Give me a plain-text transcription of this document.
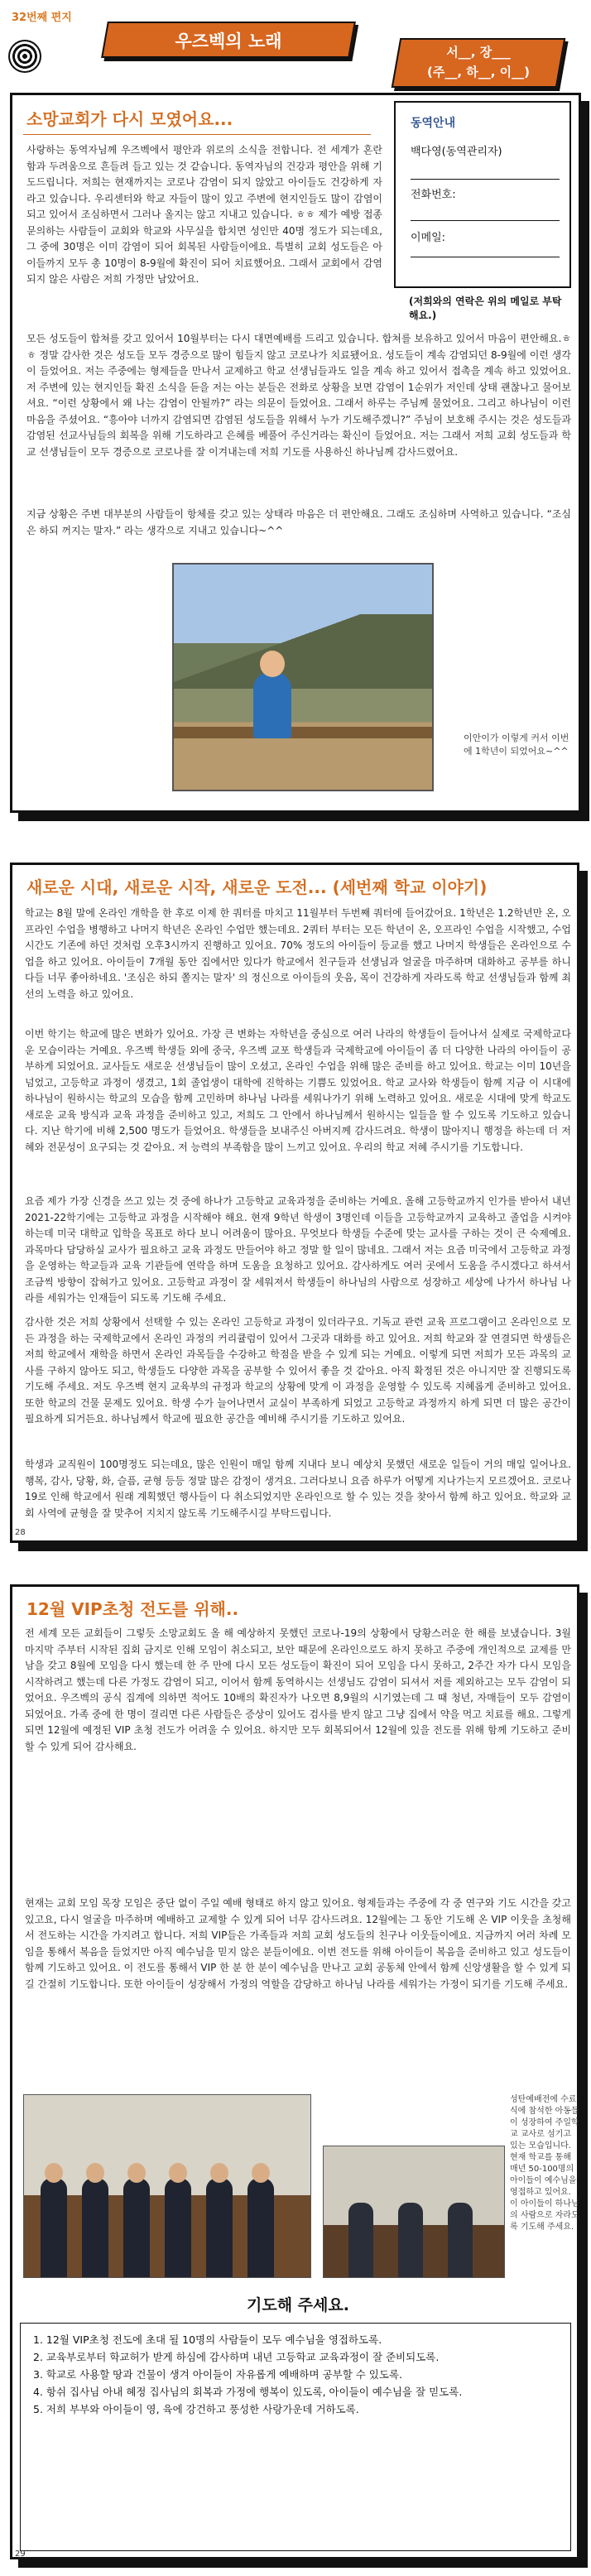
32번째 편지
우즈벡의 노래
서__, 장___
(주__, 하__, 이__)
소망교회가 다시 모였어요...
사랑하는 동역자님께 우즈벡에서 평안과 위로의 소식을 전합니다. 전 세계가 혼란함과 두려움으로 흔들려 들고 있는 것 같습니다. 동역자님의 건강과 평안을 위해 기도드립니다. 저희는 현재까지는 코로나 감염이 되지 않았고 아이들도 건강하게 자라고 있습니다. 우리센터와 학교 자들이 많이 있고 주변에 현지인들도 많이 감염이 되고 있어서 조심하면서 그러나 올지는 않고 지내고 있습니다. ㅎㅎ 제가 예방 접종 문의하는 사람들이 교회와 학교와 사무실을 합치면 성인만 40명 정도가 되는데요, 그 중에 30명은 이미 감염이 되어 회복된 사람들이에요. 특별히 교회 성도들은 아이들까지 모두 총 10명이 8-9월에 확진이 되어 치료했어요. 그래서 교회에서 감염되지 않은 사람은 저희 가정만 남았어요.
동역안내
백다영(동역관리자)
전화번호:
이메일:
(저희와의 연락은 위의 메일로 부탁해요.)
모든 성도들이 합쳐를 갖고 있어서 10월부터는 다시 대면예배를 드리고 있습니다. 합쳐를 보유하고 있어서 마음이 편안해요.ㅎㅎ 정말 감사한 것은 성도들 모두 경증으로 많이 힘들지 않고 코로나가 치료됐어요. 성도들이 계속 감염되던 8-9월에 이런 생각이 들었어요. 저는 주중에는 형제들을 만나서 교제하고 학교 선생님들과도 일을 계속 하고 있어서 접촉을 계속 하고 있었어요. 저 주변에 있는 현지인들 확진 소식을 듣을 저는 아는 분들은 전화로 상황을 보면 감염이 1순위가 저인데 상태 괜찮나고 물어보셔요. “이런 상황에서 왜 나는 감염이 안될까?” 라는 의문이 들었어요. 그래서 하루는 주님께 물었어요. 그리고 하나님이 이런 마음을 주셨어요. “흥아야 너까지 감염되면 감염된 성도들을 위해서 누가 기도해주겠니?” 주님이 보호해 주시는 것은 성도들과 감염된 선교사님들의 회복을 위해 기도하라고 은혜를 베풀어 주신거라는 확신이 들었어요. 저는 그래서 저희 교회 성도들과 학교 선생님들이 모두 경증으로 코로나를 잘 이겨내는데 저희 기도를 사용하신 하나님께 감사드렸어요.
지금 상황은 주변 대부분의 사람들이 항체를 갖고 있는 상태라 마음은 더 편안해요. 그래도 조심하며 사역하고 있습니다. “조심은 하되 꺼지는 말자.” 라는 생각으로 지내고 있습니다~^^
이안이가 이렇게 커서 이번에 1학년이 되었어요~^^
새로운 시대, 새로운 시작, 새로운 도전... (세번째 학교 이야기)
학교는 8월 말에 온라인 개학을 한 후로 이제 한 쿼터를 마치고 11월부터 두번째 쿼터에 들어갔어요. 1학년은 1.2학년만 온, 오프라인 수업을 병행하고 나머지 학년은 온라인 수업만 했는데요. 2쿼터 부터는 모든 학년이 온, 오프라인 수업을 시작했고, 수업 시간도 기존에 하던 것처럼 오후3시까지 진행하고 있어요. 70% 정도의 아이들이 등교를 했고 나머지 학생들은 온라인으로 수업을 하고 있어요. 아이들이 7개월 동안 집에서만 있다가 학교에서 친구들과 선생님과 얼굴을 마주하며 대화하고 공부를 하니 다들 너무 좋아하네요. '조심은 하되 쫄지는 말자' 의 정신으로 아이들의 웃음, 목이 건강하게 자라도록 학교 선생님들과 함께 최선의 노력을 하고 있어요.
이번 학기는 학교에 많은 변화가 있어요. 가장 큰 변화는 자학년을 중심으로 여러 나라의 학생들이 들어나서 실제로 국제학교다운 모습이라는 거예요. 우즈벡 학생들 외에 중국, 우즈벡 교포 학생들과 국제학교에 아이들이 좀 더 다양한 나라의 아이들이 공부하게 되었어요. 교사들도 새로운 선생님들이 많이 오셨고, 온라인 수업을 위해 많은 준비를 하고 있어요. 학교는 이미 10년을 넘었고, 고등학교 과정이 생겼고, 1회 졸업생이 대학에 진학하는 기쁨도 있었어요. 학교 교사와 학생들이 함께 지금 이 시대에 하나님이 원하시는 학교의 모습을 함께 고민하며 하나님 나라를 세워나가기 위해 노력하고 있어요. 새로운 시대에 맞게 학교도 새로운 교육 방식과 교육 과정을 준비하고 있고, 저희도 그 안에서 하나님께서 원하시는 일들을 할 수 있도록 기도하고 있습니다. 지난 학기에 비해 2,500 명도가 들었어요. 학생들을 보내주신 아버지께 감사드려요. 학생이 많아지니 행정을 하는데 더 저혜와 전문성이 요구되는 것 같아요. 저 능력의 부족함을 많이 느끼고 있어요. 우리의 학교 저혜 주시기를 기도합니다.
요즘 제가 가장 신경을 쓰고 있는 것 중에 하나가 고등학교 교육과정을 준비하는 거예요. 올해 고등학교까지 인가를 받아서 내년 2021-22학기에는 고등학교 과정을 시작해야 해요. 현재 9학년 학생이 3명인데 이들을 고등학교까지 교육하고 졸업을 시켜야 하는데 미국 대학교 입학을 목표로 하다 보니 어려움이 많아요. 무엇보다 학생들 수준에 맞는 교사를 구하는 것이 큰 숙제예요. 과목마다 담당하실 교사가 필요하고 교육 과정도 만들어야 하고 정말 할 일이 많네요. 그래서 저는 요즘 미국에서 고등학교 과정을 운영하는 학교들과 교육 기관들에 연락을 하며 도움을 요청하고 있어요. 감사하게도 여러 곳에서 도움을 주시겠다고 하셔서 조금씩 방향이 잡혀가고 있어요. 고등학교 과정이 잘 세워져서 학생들이 하나님의 사람으로 성장하고 세상에 나가서 하나님 나라를 세워가는 인재들이 되도록 기도해 주세요.
감사한 것은 저희 상황에서 선택할 수 있는 온라인 고등학교 과정이 있더라구요. 기독교 관련 교육 프로그램이고 온라인으로 모든 과정을 하는 국제학교에서 온라인 과정의 커리큘럼이 있어서 그곳과 대화를 하고 있어요. 저희 학교와 잘 연결되면 학생들은 저희 학교에서 재학을 하면서 온라인 과목들을 수강하고 학점을 받을 수 있게 되는 거예요. 이렇게 되면 저희가 모든 과목의 교사를 구하지 않아도 되고, 학생들도 다양한 과목을 공부할 수 있어서 좋을 것 같아요. 아직 확정된 것은 아니지만 잘 진행되도록 기도해 주세요. 저도 우즈벡 현지 교육부의 규정과 학교의 상황에 맞게 이 과정을 운영할 수 있도록 지혜롭게 준비하고 있어요. 또한 학교의 건물 문제도 있어요. 학생 수가 늘어나면서 교실이 부족하게 되었고 고등학교 과정까지 하게 되면 더 많은 공간이 필요하게 되거든요. 하나님께서 학교에 필요한 공간을 예비해 주시기를 기도하고 있어요.
학생과 교직원이 100명정도 되는데요, 많은 인원이 매일 함께 지내다 보니 예상치 못했던 새로운 일들이 거의 매일 일어나요. 행복, 감사, 당황, 화, 슬픔, 균형 등등 정말 많은 감정이 생겨요. 그러다보니 요즘 하루가 어떻게 지나가는지 모르겠어요. 코로나 19로 인해 학교에서 원래 계획했던 행사들이 다 취소되었지만 온라인으로 할 수 있는 것을 찾아서 함께 하고 있어요. 학교와 교회 사역에 균형을 잘 맞추어 지치지 않도록 기도해주시길 부탁드립니다.
28
12월 VIP초청 전도를 위해..
전 세계 모든 교회들이 그렇듯 소망교회도 올 해 예상하지 못했던 코로나-19의 상황에서 당황스러운 한 해를 보냈습니다. 3월 마지막 주부터 시작된 집회 금지로 인해 모임이 취소되고, 보안 때문에 온라인으로도 하지 못하고 주중에 개인적으로 교제를 만남을 갖고 8월에 모임을 다시 했는데 한 주 만에 다시 모든 성도들이 확진이 되어 모임을 다시 못하고, 2주간 자가 다시 모임을 시작하려고 했는데 다른 가정도 감염이 되고, 이어서 함께 동역하시는 선생님도 감염이 되셔서 저를 제외하고는 모두 감염이 되었어요. 우즈벡의 공식 집계에 의하면 적어도 10배의 확진자가 나오면 8,9월의 시기였는데 그 때 청년, 자매들이 모두 감염이 되었어요. 가족 중에 한 명이 걸리면 다른 사람들은 증상이 있어도 검사를 받지 않고 그냥 집에서 약을 먹고 치료를 해요. 그렇게 되면 12월에 예정된 VIP 초청 전도가 어려울 수 있어요. 하지만 모두 회복되어서 12월에 있을 전도를 위해 함께 기도하고 준비할 수 있게 되어 감사해요.
현재는 교회 모임 목장 모임은 중단 없이 주일 예배 형태로 하지 않고 있어요. 형제들과는 주중에 각 중 연구와 기도 시간을 갖고 있고요, 다시 얼굴을 마주하며 예배하고 교제할 수 있게 되어 너무 감사드려요. 12월에는 그 동안 기도해 온 VIP 이웃을 초청해서 전도하는 시간을 가지려고 합니다. 저희 VIP들은 가족들과 저희 교회 성도들의 친구나 이웃들이에요. 지금까지 여러 차례 모임을 통해서 복음을 들었지만 아직 예수님을 믿지 않은 분들이에요. 이번 전도를 위해 아이들이 복음을 준비하고 있고 성도들이 함께 기도하고 있어요. 이 전도를 통해서 VIP 한 분 한 분이 예수님을 만나고 교회 공동체 안에서 함께 신앙생활을 할 수 있게 되길 간절히 기도합니다. 또한 아이들이 성장해서 가정의 역할을 감당하고 하나님 나라를 세워가는 가정이 되기를 기도해 주세요.
성탄예배전에 수료식에 참석한 아동들이 성장하여 주일학교 교사로 섬기고 있는 모습입니다. 현재 학교를 통해 매년 50-100명의 아이들이 예수님을 영접하고 있어요. 이 아이들이 하나님의 사람으로 자라도록 기도해 주세요.
기도해 주세요.
1. 12월 VIP초청 전도에 초대 될 10명의 사람들이 모두 예수님을 영접하도록.
2. 교육부로부터 학교허가 받게 하심에 감사하며 내년 고등학교 교육과정이 잘 준비되도록.
3. 학교로 사용할 땅과 건물이 생겨 아이들이 자유롭게 예배하며 공부할 수 있도록.
4. 항쉬 집사님 아내 혜정 집사님의 회복과 가정에 행복이 있도록, 아이들이 예수님을 잘 믿도록.
5. 저희 부부와 아이들이 영, 육에 강건하고 풍성한 사랑가운데 거하도록.
29
